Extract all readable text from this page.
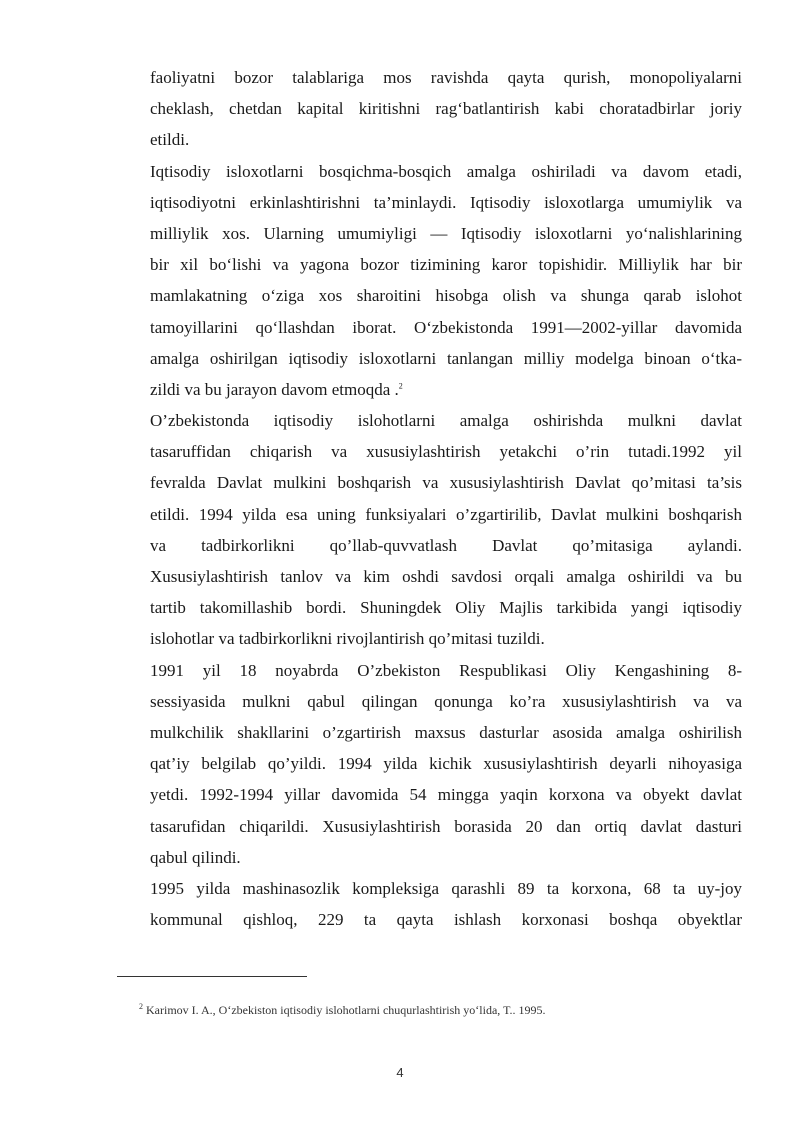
faoliyatni bozor talablariga mos ravishda qayta qurish, monopoliyalarni
cheklash, chetdan kapital kiritishni rag‘batlantirish kabi choratadbirlar joriy
etildi.
Iqtisodiy isloxotlarni bosqichma-bosqich amalga oshiriladi va davom etadi,
iqtisodiyotni erkinlashtirishni ta’minlaydi. Iqtisodiy isloxotlarga umumiylik va
milliylik xos. Ularning umumiyligi — Iqtisodiy isloxotlarni yo‘nalishlarining
bir xil bo‘lishi va yagona bozor tizimining karor topishidir. Milliylik har bir
mamlakatning o‘ziga xos sharoitini hisobga olish va shunga qarab islohot
tamoyillarini qo‘llashdan iborat. O‘zbekistonda 1991—2002-yillar davomida
amalga oshirilgan iqtisodiy isloxotlarni tanlangan milliy modelga binoan o‘tka-
zildi va bu jarayon davom etmoqda .$^2$
O’zbekistonda iqtisodiy islohotlarni amalga oshirishda mulkni davlat
tasaruffidan chiqarish va xususiylashtirish yetakchi o’rin tutadi.1992 yil
fevralda Davlat mulkini boshqarish va xususiylashtirish Davlat qo’mitasi ta’sis
etildi. 1994 yilda esa uning funksiyalari o’zgartirilib, Davlat mulkini boshqarish
va tadbirkorlikni qo’llab-quvvatlash Davlat qo’mitasiga aylandi.
Xususiylashtirish tanlov va kim oshdi savdosi orqali amalga oshirildi va bu
tartib takomillashib bordi. Shuningdek Oliy Majlis tarkibida yangi iqtisodiy
islohotlar va tadbirkorlikni rivojlantirish qo’mitasi tuzildi.
1991 yil 18 noyabrda O’zbekiston Respublikasi Oliy Kengashining 8-
sessiyasida mulkni qabul qilingan qonunga ko’ra xususiylashtirish va va
mulkchilik shakllarini o’zgartirish maxsus dasturlar asosida amalga oshirilish
qat’iy belgilab qo’yildi. 1994 yilda kichik xususiylashtirish deyarli nihoyasiga
yetdi. 1992-1994 yillar davomida 54 mingga yaqin korxona va obyekt davlat
tasarufidan chiqarildi. Xususiylashtirish borasida 20 dan ortiq davlat dasturi
qabul qilindi.
1995 yilda mashinasozlik kompleksiga qarashli 89 ta korxona, 68 ta uy-joy
kommunal qishloq, 229 ta qayta ishlash korxonasi boshqa obyektlar
$^2$ Karimov I. A., O‘zbekiston iqtisodiy islohotlarni chuqurlashtirish yo‘lida, T.. 1995.
4
